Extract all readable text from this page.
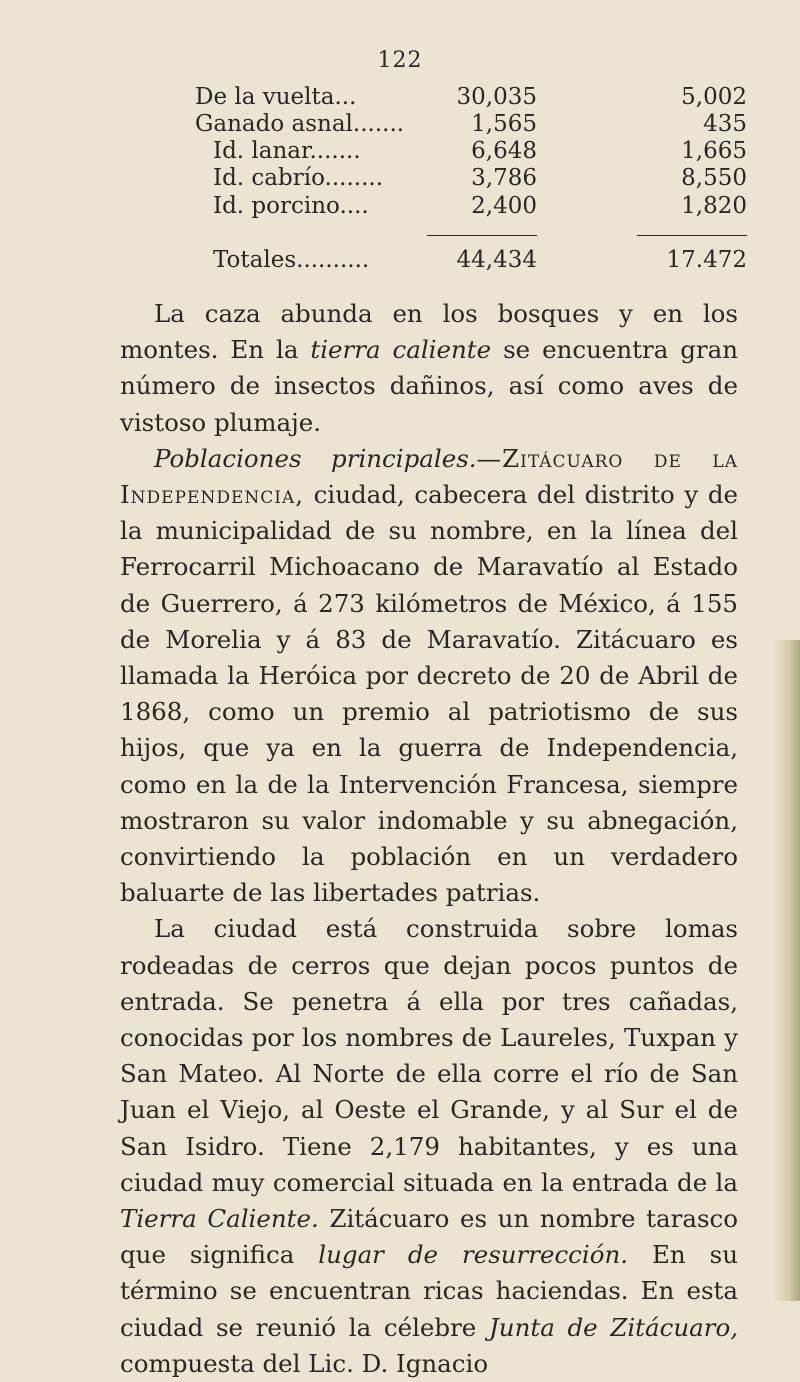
122
De la vuelta...	30,035	5,002
Ganado asnal.......	1,565	435
Id. lanar.......	6,648	1,665
Id. cabrío........	3,786	8,550
Id. porcino....	2,400	1,820

Totales..........	44,434	17.472

La caza abunda en los bosques y en los montes. En la tierra caliente se encuentra gran número de insectos dañinos, así como aves de vistoso plumaje.

Poblaciones principales.—Zitácuaro de la Independencia, ciudad, cabecera del distrito y de la municipalidad de su nombre, en la línea del Ferrocarril Michoacano de Maravatío al Estado de Guerrero, á 273 kilómetros de México, á 155 de Morelia y á 83 de Maravatío. Zitácuaro es llamada la Heróica por decreto de 20 de Abril de 1868, como un premio al patriotismo de sus hijos, que ya en la guerra de Independencia, como en la de la Intervención Francesa, siempre mostraron su valor indomable y su abnegación, convirtiendo la población en un verdadero baluarte de las libertades patrias.

La ciudad está construida sobre lomas rodeadas de cerros que dejan pocos puntos de entrada. Se penetra á ella por tres cañadas, conocidas por los nombres de Laureles, Tuxpan y San Mateo. Al Norte de ella corre el río de San Juan el Viejo, al Oeste el Grande, y al Sur el de San Isidro. Tiene 2,179 habitantes, y es una ciudad muy comercial situada en la entrada de la Tierra Caliente. Zitácuaro es un nombre tarasco que significa lugar de resurrección. En su término se encuentran ricas haciendas. En esta ciudad se reunió la célebre Junta de Zitácuaro, compuesta del Lic. D. Ignacio
